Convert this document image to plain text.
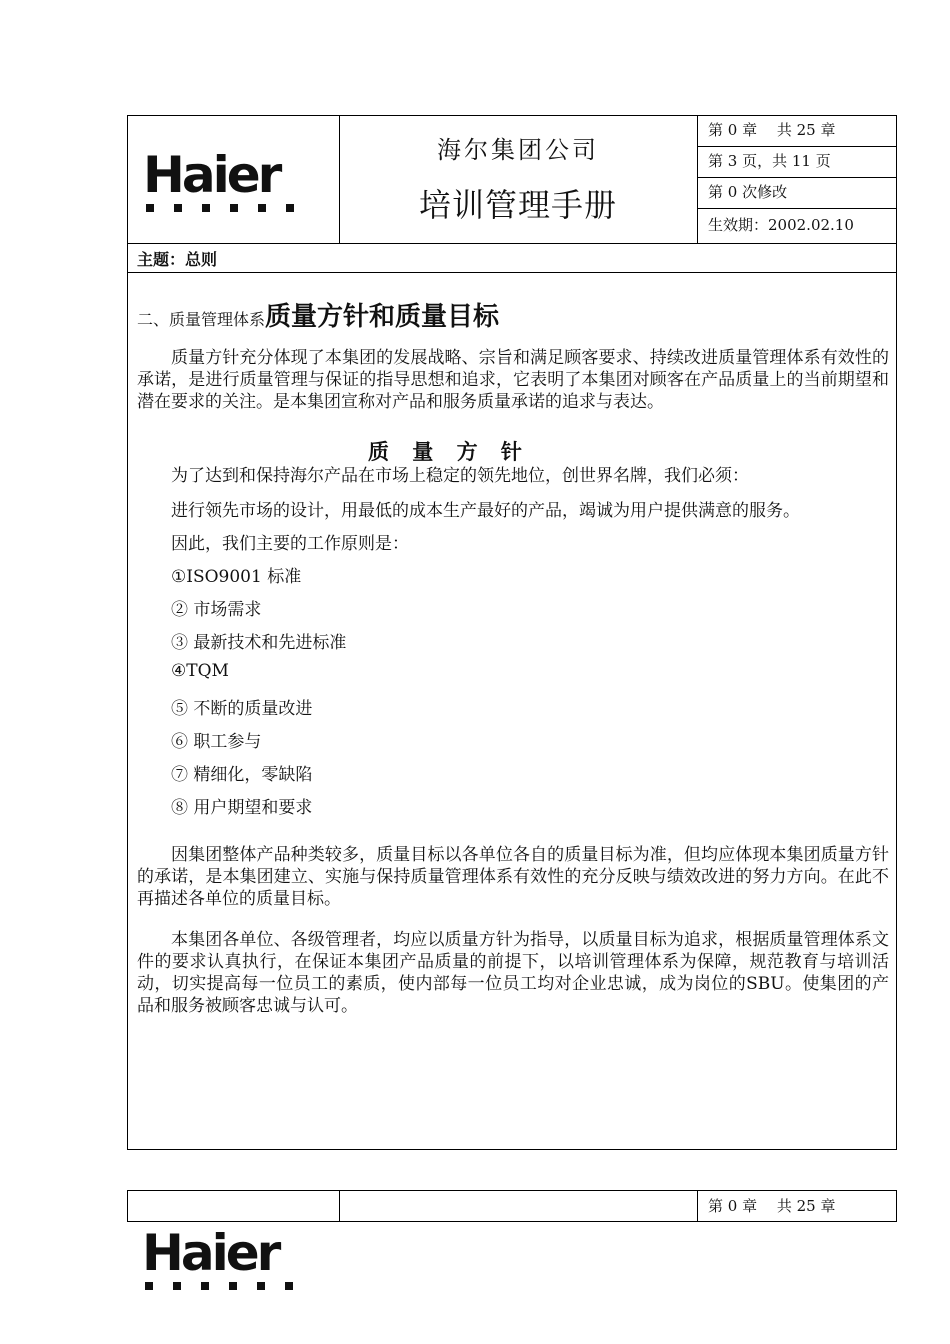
Haier	海尔集团公司
培训管理手册
第 0 章　 共 25 章
第 3 页，共 11 页
第 0 次修改
生效期：2002.02.10
主题：总则
二、质量管理体系质量方针和质量目标
质量方针充分体现了本集团的发展战略、宗旨和满足顾客要求、持续改进质量管理体系有效性的承诺，是进行质量管理与保证的指导思想和追求，它表明了本集团对顾客在产品质量上的当前期望和潜在要求的关注。是本集团宣称对产品和服务质量承诺的追求与表达。
质 量 方 针
为了达到和保持海尔产品在市场上稳定的领先地位，创世界名牌，我们必须：
进行领先市场的设计，用最低的成本生产最好的产品，竭诚为用户提供满意的服务。
因此，我们主要的工作原则是：
①ISO9001 标准
② 市场需求
③ 最新技术和先进标准
④TQM
⑤ 不断的质量改进
⑥ 职工参与
⑦ 精细化，零缺陷
⑧ 用户期望和要求
因集团整体产品种类较多，质量目标以各单位各自的质量目标为准，但均应体现本集团质量方针的承诺，是本集团建立、实施与保持质量管理体系有效性的充分反映与绩效改进的努力方向。在此不再描述各单位的质量目标。
本集团各单位、各级管理者，均应以质量方针为指导，以质量目标为追求，根据质量管理体系文件的要求认真执行，在保证本集团产品质量的前提下，以培训管理体系为保障，规范教育与培训活动，切实提高每一位员工的素质，使内部每一位员工均对企业忠诚，成为岗位的SBU。使集团的产品和服务被顾客忠诚与认可。
第 0 章　 共 25 章
Haier
